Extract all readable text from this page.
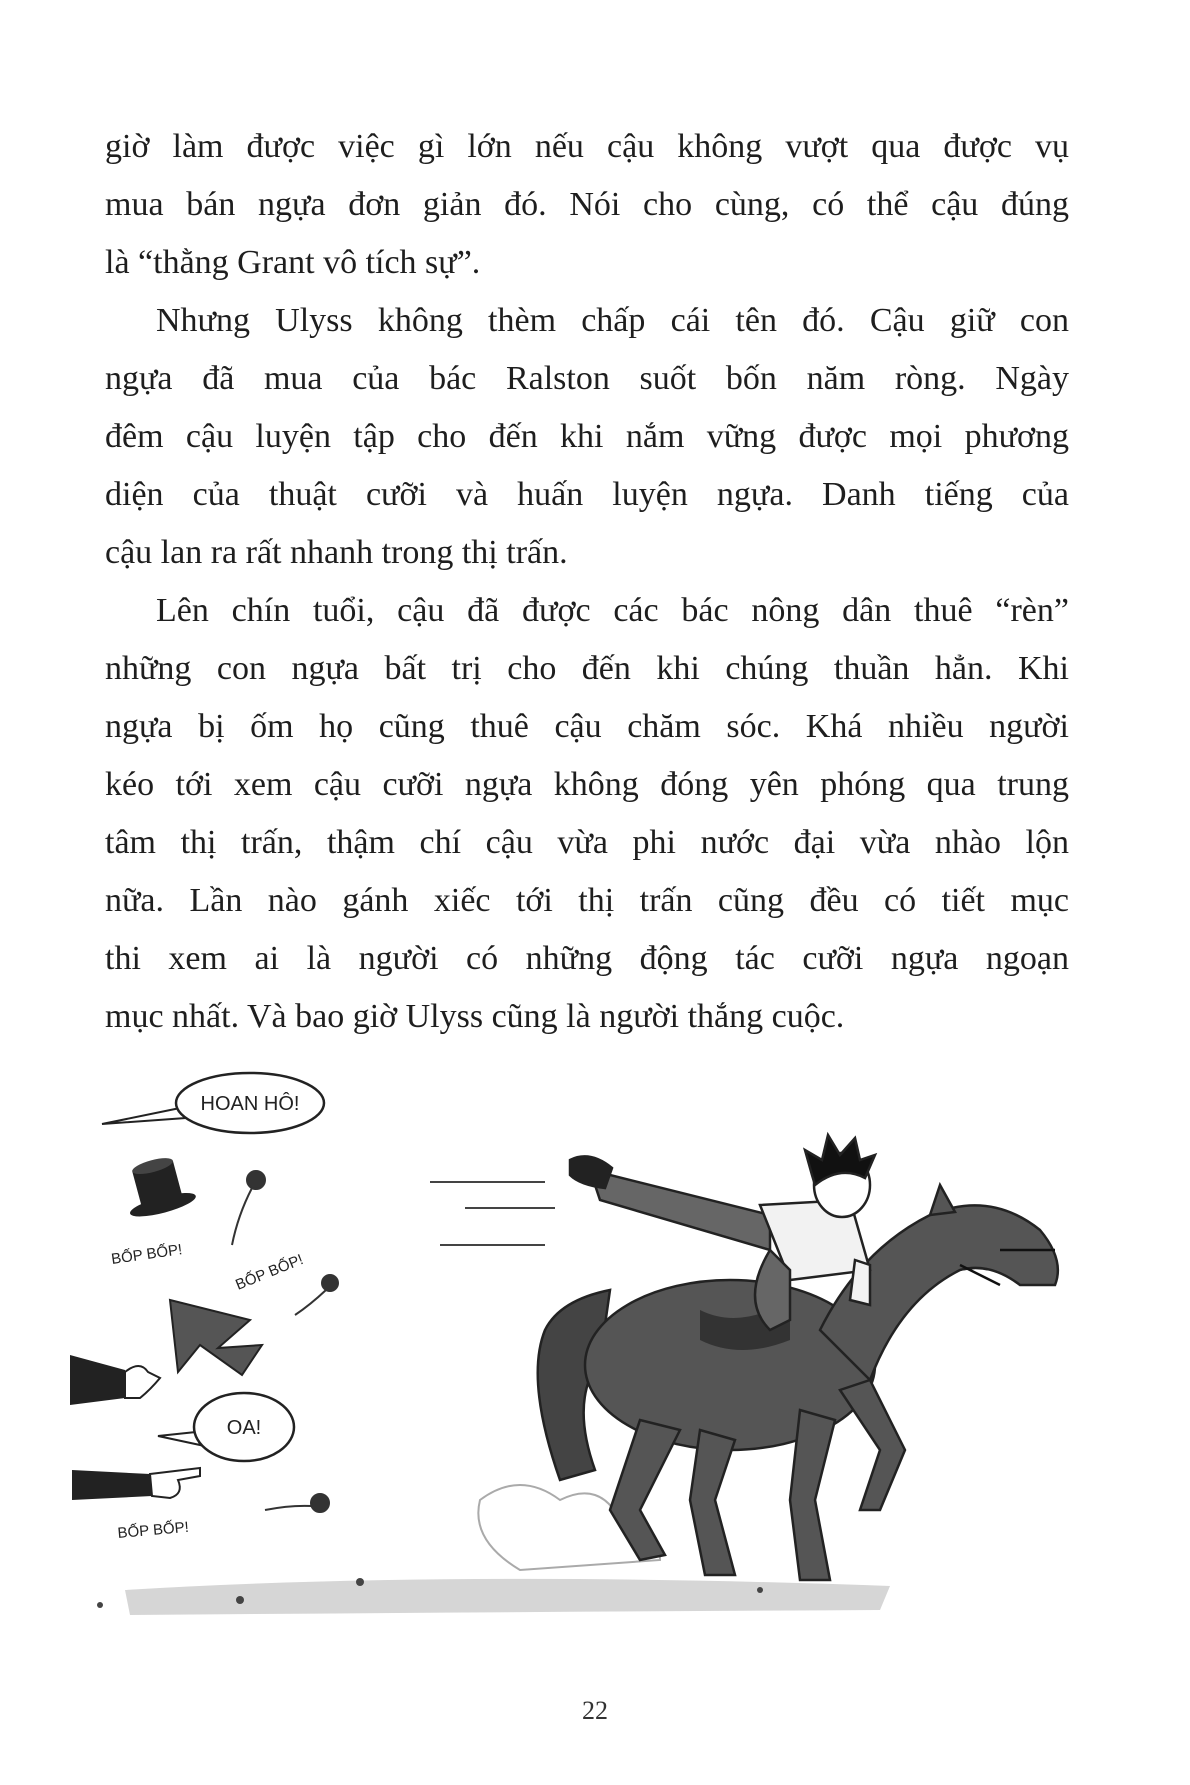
giờ làm được việc gì lớn nếu cậu không vượt qua được vụ
mua bán ngựa đơn giản đó. Nói cho cùng, có thể cậu đúng
là “thằng Grant vô tích sự”.
Nhưng Ulyss không thèm chấp cái tên đó. Cậu giữ con
ngựa đã mua của bác Ralston suốt bốn năm ròng. Ngày
đêm cậu luyện tập cho đến khi nắm vững được mọi phương
diện của thuật cưỡi và huấn luyện ngựa. Danh tiếng của
cậu lan ra rất nhanh trong thị trấn.
Lên chín tuổi, cậu đã được các bác nông dân thuê “rèn”
những con ngựa bất trị cho đến khi chúng thuần hẳn. Khi
ngựa bị ốm họ cũng thuê cậu chăm sóc. Khá nhiều người
kéo tới xem cậu cưỡi ngựa không đóng yên phóng qua trung
tâm thị trấn, thậm chí cậu vừa phi nước đại vừa nhào lộn
nữa. Lần nào gánh xiếc tới thị trấn cũng đều có tiết mục
thi xem ai là người có những động tác cưỡi ngựa ngoạn
mục nhất. Và bao giờ Ulyss cũng là người thắng cuộc.
HOAN HÔ!
BỐP BỐP!	BỐP BỐP!
BỐP BỐP!
OA!
22
